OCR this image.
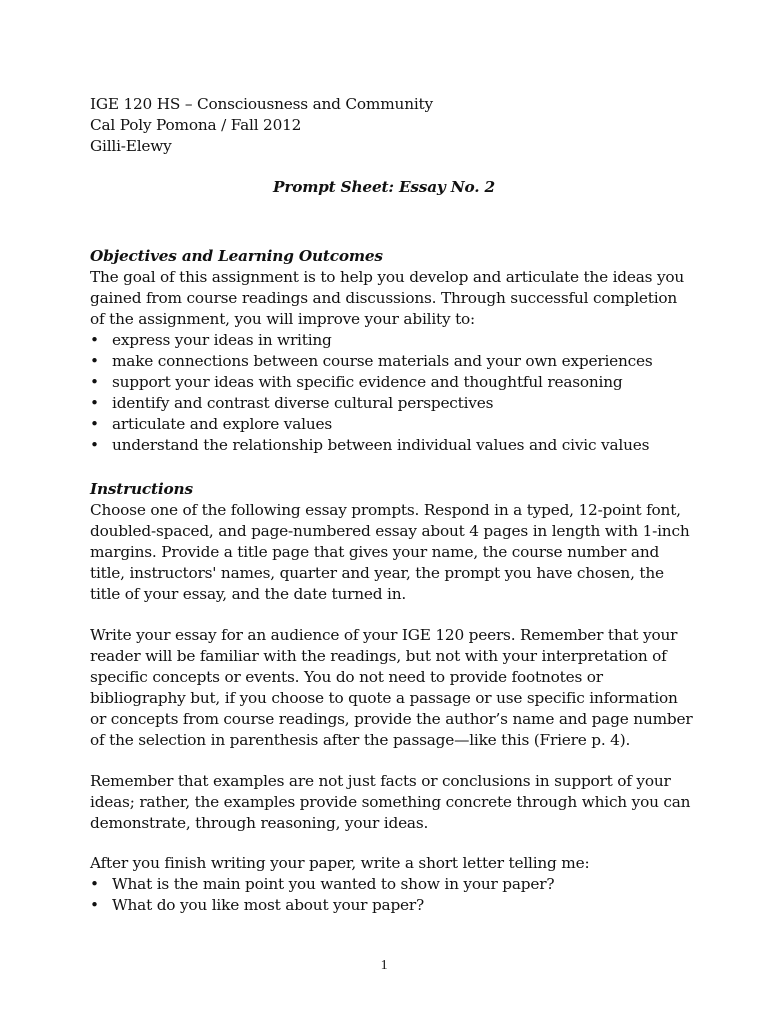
IGE 120 HS – Consciousness and Community
Cal Poly Pomona / Fall 2012
Gilli-Elewy
Prompt Sheet: Essay No. 2
Objectives and Learning Outcomes
The goal of this assignment is to help you develop and articulate the ideas you
gained from course readings and discussions. Through successful completion
of the assignment, you will improve your ability to:
• express your ideas in writing
• make connections between course materials and your own experiences
• support your ideas with specific evidence and thoughtful reasoning
• identify and contrast diverse cultural perspectives
• articulate and explore values
• understand the relationship between individual values and civic values
Instructions
Choose one of the following essay prompts. Respond in a typed, 12-point font,
doubled-spaced, and page-numbered essay about 4 pages in length with 1-inch
margins. Provide a title page that gives your name, the course number and
title, instructors' names, quarter and year, the prompt you have chosen, the
title of your essay, and the date turned in.
Write your essay for an audience of your IGE 120 peers. Remember that your
reader will be familiar with the readings, but not with your interpretation of
specific concepts or events. You do not need to provide footnotes or
bibliography but, if you choose to quote a passage or use specific information
or concepts from course readings, provide the author’s name and page number
of the selection in parenthesis after the passage—like this (Friere p. 4).
Remember that examples are not just facts or conclusions in support of your
ideas; rather, the examples provide something concrete through which you can
demonstrate, through reasoning, your ideas.
After you finish writing your paper, write a short letter telling me:
• What is the main point you wanted to show in your paper?
• What do you like most about your paper?
1
